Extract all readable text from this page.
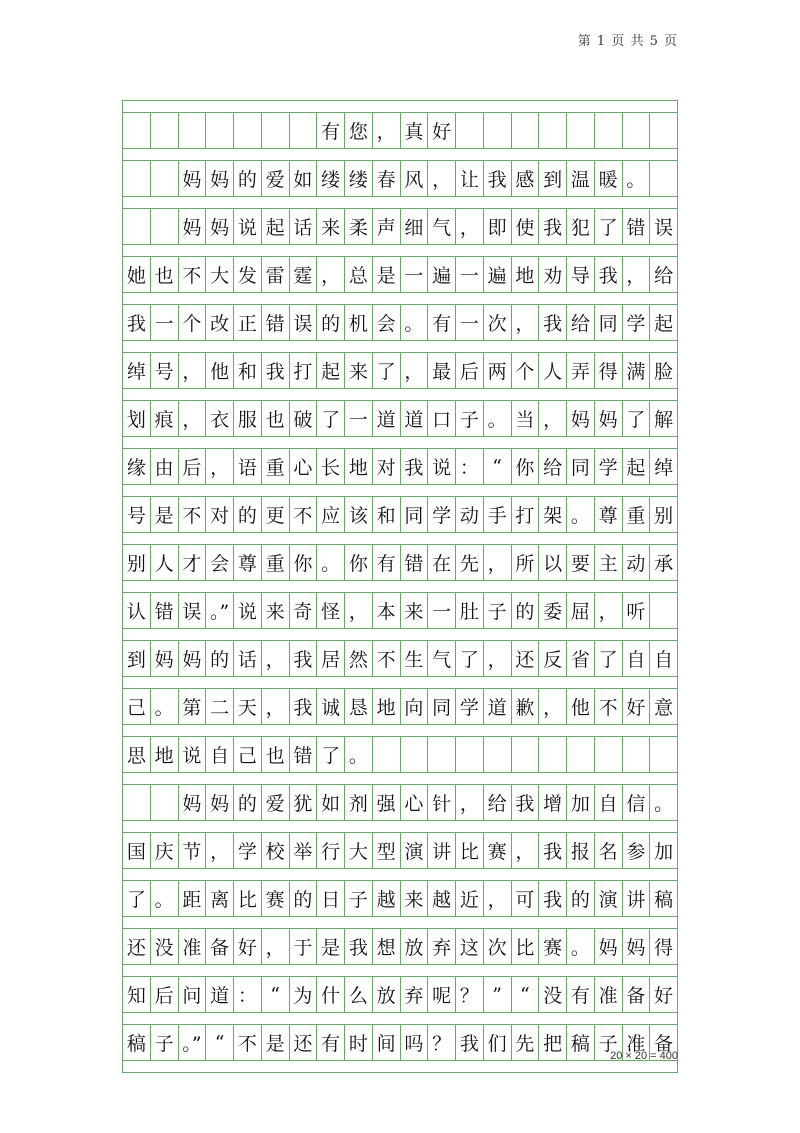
第 1 页 共 5 页
有 您 ， 真 好
妈 妈 的 爱 如 缕 缕 春 风 ， 让 我 感 到 温 暖 。
妈 妈 说 起 话 来 柔 声 细 气 ， 即 使 我 犯 了 错 误
她 也 不 大 发 雷 霆 ， 总 是 一 遍 一 遍 地 劝 导 我 ， 给
我 一 个 改 正 错 误 的 机 会 。 有 一 次 ， 我 给 同 学 起
绰 号 ， 他 和 我 打 起 来 了 ， 最 后 两 个 人 弄 得 满 脸
划 痕 ， 衣 服 也 破 了 一 道 道 口 子 。 当 ， 妈 妈 了 解
缘 由 后 ， 语 重 心 长 地 对 我 说 ： “ 你 给 同 学 起 绰
号 是 不 对 的 更 不 应 该 和 同 学 动 手 打 架 。 尊 重 别
别 人 才 会 尊 重 你 。 你 有 错 在 先 ， 所 以 要 主 动 承
认 错 误 。” 说 来 奇 怪 ， 本 来 一 肚 子 的 委 屈 ， 听
到 妈 妈 的 话 ， 我 居 然 不 生 气 了 ， 还 反 省 了 自 自
己 。 第 二 天 ， 我 诚 恳 地 向 同 学 道 歉 ， 他 不 好 意
思 地 说 自 己 也 错 了 。
妈 妈 的 爱 犹 如 剂 强 心 针 ， 给 我 增 加 自 信 。
国 庆 节 ， 学 校 举 行 大 型 演 讲 比 赛 ， 我 报 名 参 加
了 。 距 离 比 赛 的 日 子 越 来 越 近 ， 可 我 的 演 讲 稿
还 没 准 备 好 ， 于 是 我 想 放 弃 这 次 比 赛 。 妈 妈 得
知 后 问 道 ： “ 为 什 么 放 弃 呢 ？ ” “ 没 有 准 备 好
稿 子 。” “ 不 是 还 有 时 间 吗 ？ 我 们 先 把 稿 子 准 备
20 × 20 = 400
